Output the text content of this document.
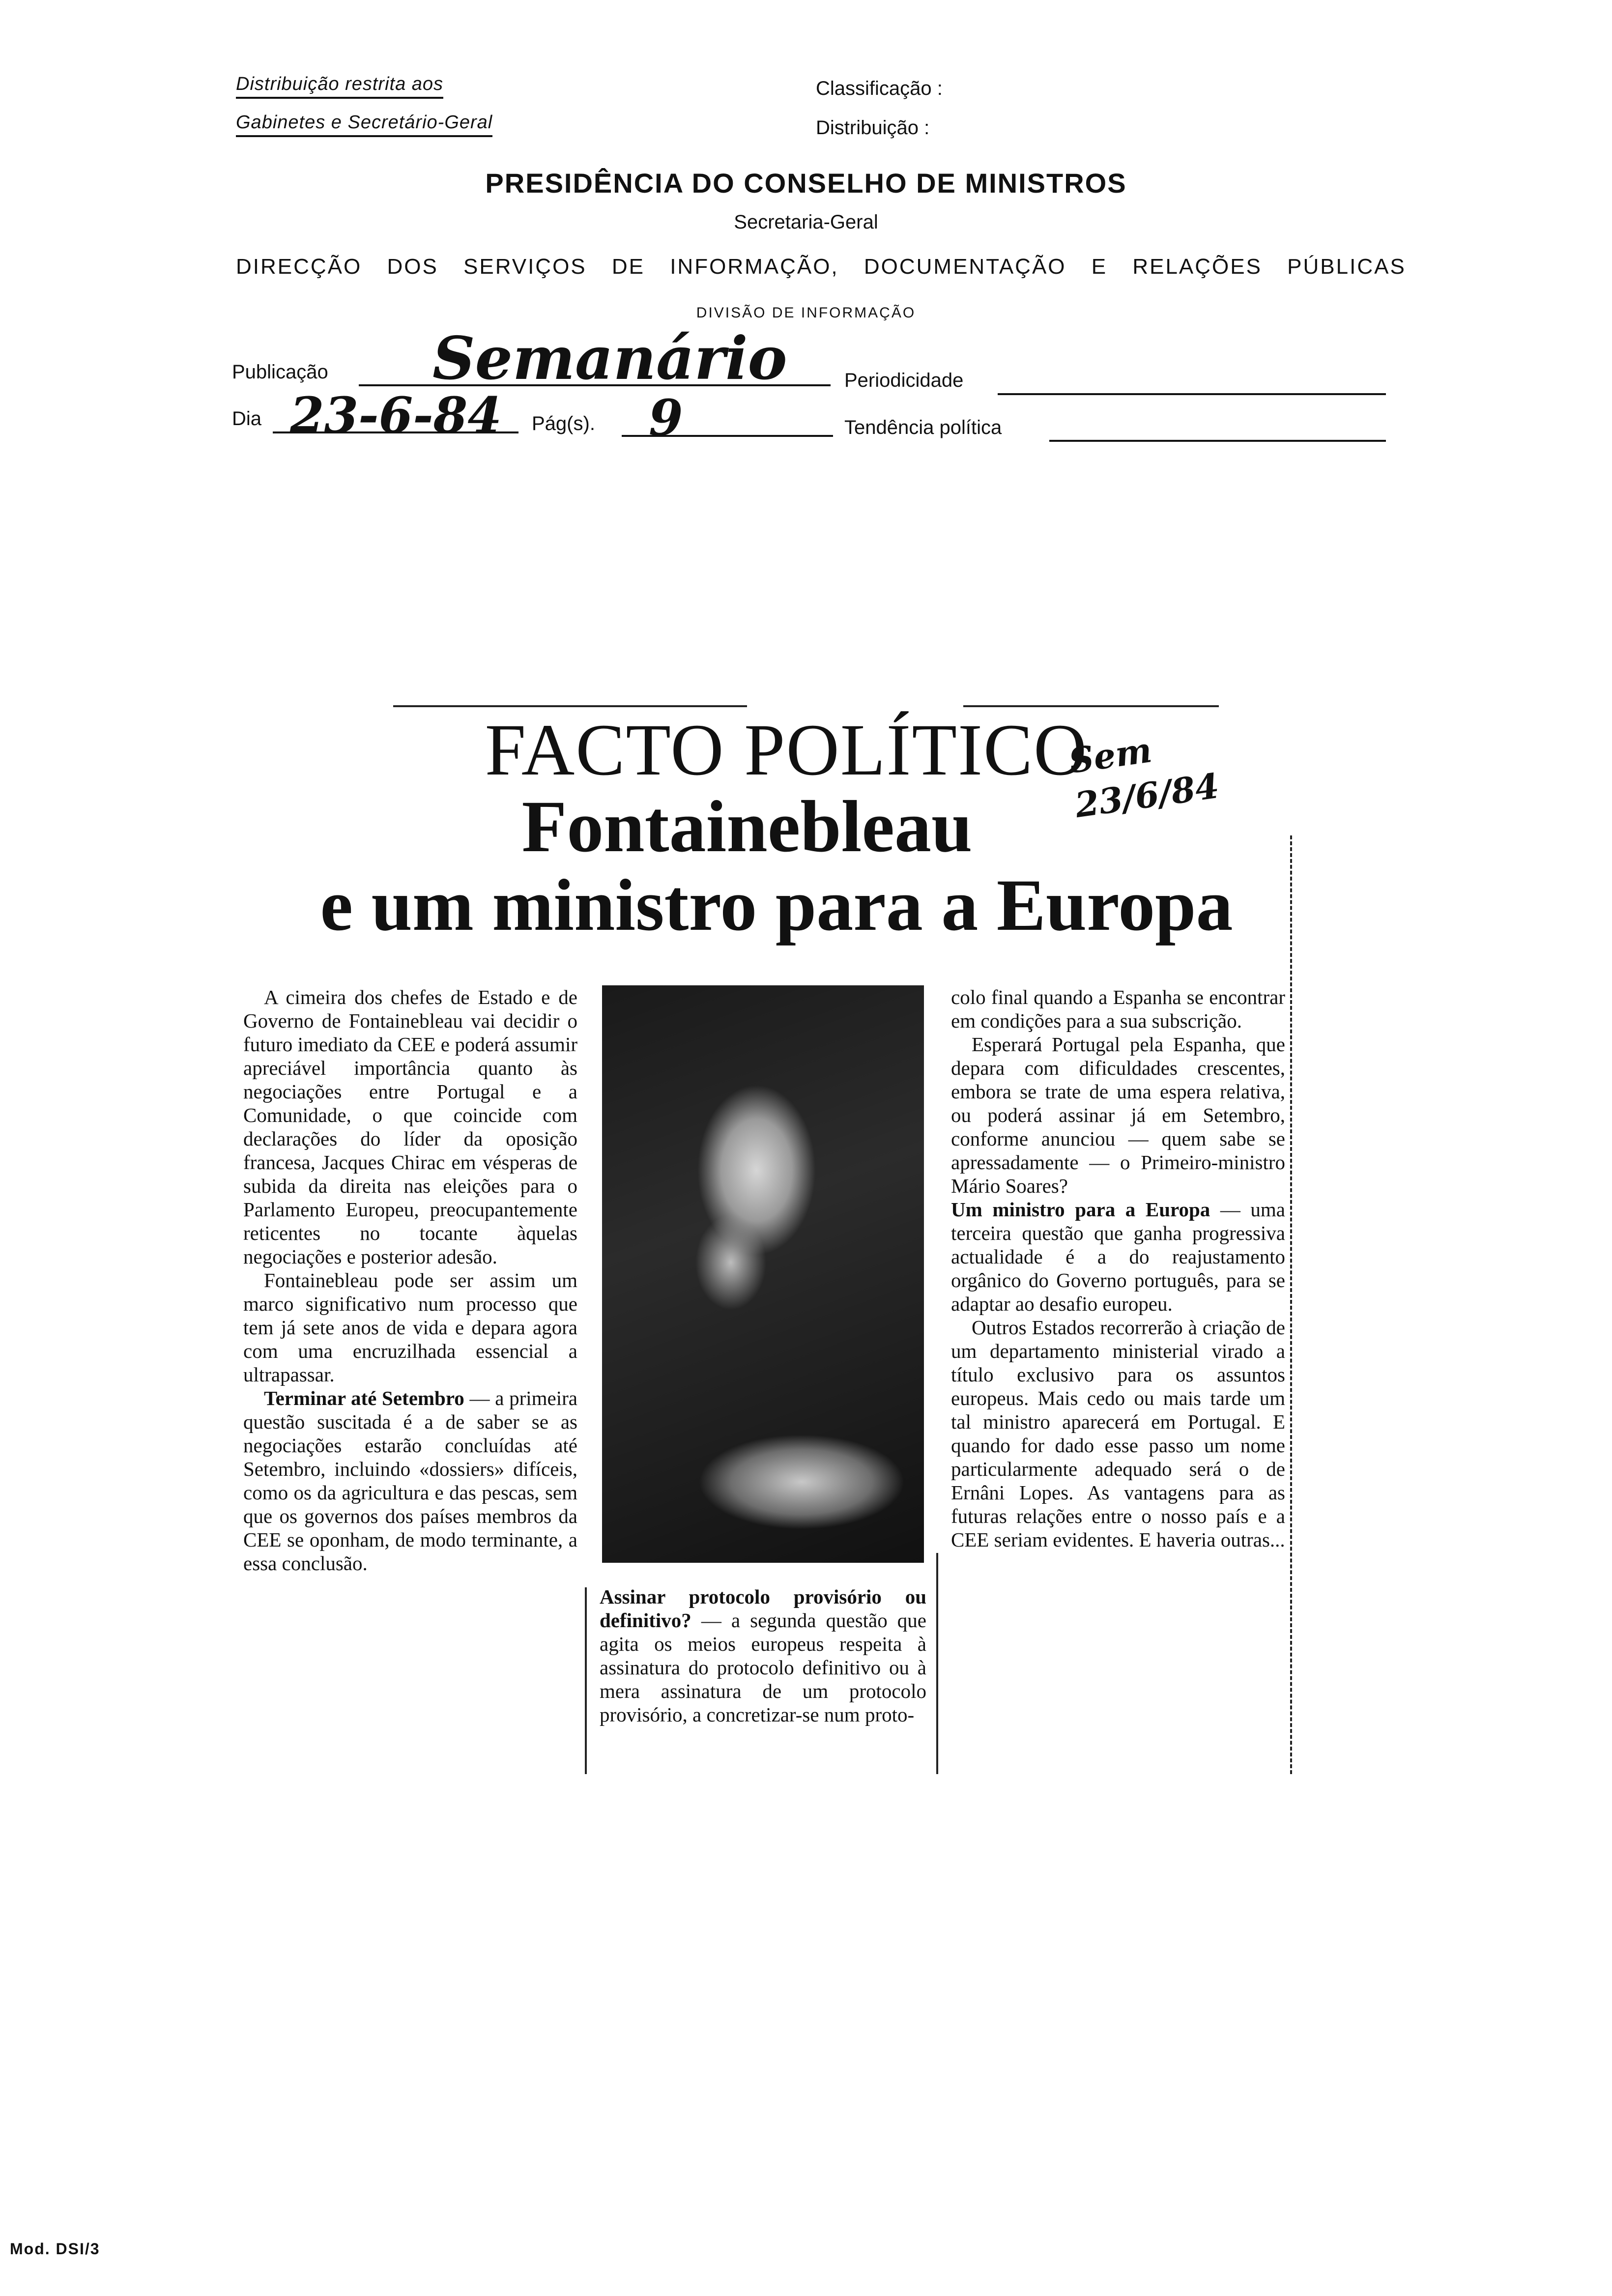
Distribuição restrita aos
Gabinetes e Secretário-Geral
Classificação :
Distribuição :
PRESIDÊNCIA DO CONSELHO DE MINISTROS
Secretaria-Geral
DIRECÇÃO DOS SERVIÇOS DE INFORMAÇÃO, DOCUMENTAÇÃO E RELAÇÕES PÚBLICAS
DIVISÃO DE INFORMAÇÃO
Publicação Semanário	Periodicidade
Dia 23-6-84 Pág(s). 9	Tendência política
FACTO POLÍTICO
Fontainebleau
e um ministro para a Europa
Sem 23/6/84

A cimeira dos chefes de Estado e de Governo de Fontainebleau vai decidir o futuro imediato da CEE e poderá assumir apreciável importância quanto às negociações entre Portugal e a Comunidade, o que coincide com declarações do líder da oposição francesa, Jacques Chirac em vésperas de subida da direita nas eleições para o Parlamento Europeu, preocupantemente reticentes no tocante àquelas negociações e posterior adesão.

Fontainebleau pode ser assim um marco significativo num processo que tem já sete anos de vida e depara agora com uma encruzilhada essencial a ultrapassar.

Terminar até Setembro — a primeira questão suscitada é a de saber se as negociações estarão concluídas até Setembro, incluindo «dossiers» difíceis, como os da agricultura e das pescas, sem que os governos dos países membros da CEE se oponham, de modo terminante, a essa conclusão.

Assinar protocolo provisório ou definitivo? — a segunda questão que agita os meios europeus respeita à assinatura do protocolo definitivo ou à mera assinatura de um protocolo provisório, a concretizar-se num proto-

colo final quando a Espanha se encontrar em condições para a sua subscrição.

Esperará Portugal pela Espanha, que depara com dificuldades crescentes, embora se trate de uma espera relativa, ou poderá assinar já em Setembro, conforme anunciou — quem sabe se apressadamente — o Primeiro-ministro Mário Soares?

Um ministro para a Europa — uma terceira questão que ganha progressiva actualidade é a do reajustamento orgânico do Governo português, para se adaptar ao desafio europeu.

Outros Estados recorrerão à criação de um departamento ministerial virado a título exclusivo para os assuntos europeus. Mais cedo ou mais tarde um tal ministro aparecerá em Portugal. E quando for dado esse passo um nome particularmente adequado será o de Ernâni Lopes. As vantagens para as futuras relações entre o nosso país e a CEE seriam evidentes. E haveria outras...

Mod. DSI/3
